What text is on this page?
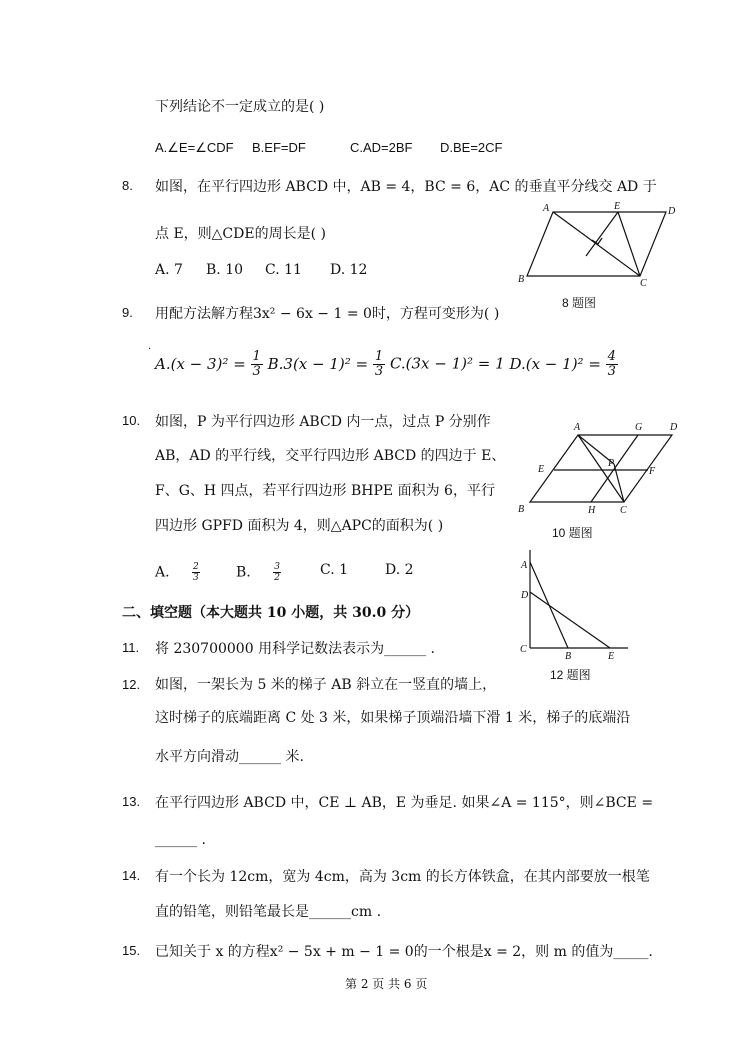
下列结论不一定成立的是( )
A.∠E=∠CDF B.EF=DF	C.AD=2BF D.BE=2CF
8. 如图，在平行四边形 ABCD 中，AB = 4，BC = 6，AC 的垂直平分线交 AD 于
点 E，则△CDE的周长是( )
A. 7 B. 10 C. 11 D. 12
A	E	D
B	C
8 题图
9. 用配方法解方程3x² − 6x − 1 = 0时，方程可变形为( )
·
$A.(x - 3)^2 = \frac{1}{3} B.3(x - 1)^2 = \frac{1}{3} C.(3x - 1)^2 = 1$ $D.(x - 1)^2 = \frac{4}{3}$
10. 如图，P 为平行四边形 ABCD 内一点，过点 P 分别作
AB，AD 的平行线，交平行四边形 ABCD 的四边于 E、
F、G、H 四点，若平行四边形 BHPE 面积为 6，平行
四边形 GPFD 面积为 4，则△APC的面积为( )
A. $\frac{2}{3}$	B. $\frac{3}{2}$	C. 1	D. 2
A	G	D
E
P
F
B	H C
10 题图
二、填空题（本大题共 10 小题，共 30.0 分）
11. 将 230700000 用科学记数法表示为______ .
A
D
C
B	E
12 题图
12. 如图，一架长为 5 米的梯子 AB 斜立在一竖直的墙上，
这时梯子的底端距离 C 处 3 米，如果梯子顶端沿墙下滑 1 米，梯子的底端沿
水平方向滑动______ 米.
13. 在平行四边形 ABCD 中，CE ⊥ AB，E 为垂足. 如果∠A = 115°，则∠BCE =
______ .
14. 有一个长为 12cm，宽为 4cm，高为 3cm 的长方体铁盒，在其内部要放一根笔
直的铅笔，则铅笔最长是______cm .
15. 已知关于 x 的方程x² − 5x + m − 1 = 0的一个根是x = 2，则 m 的值为_____.
第 2 页 共 6 页
